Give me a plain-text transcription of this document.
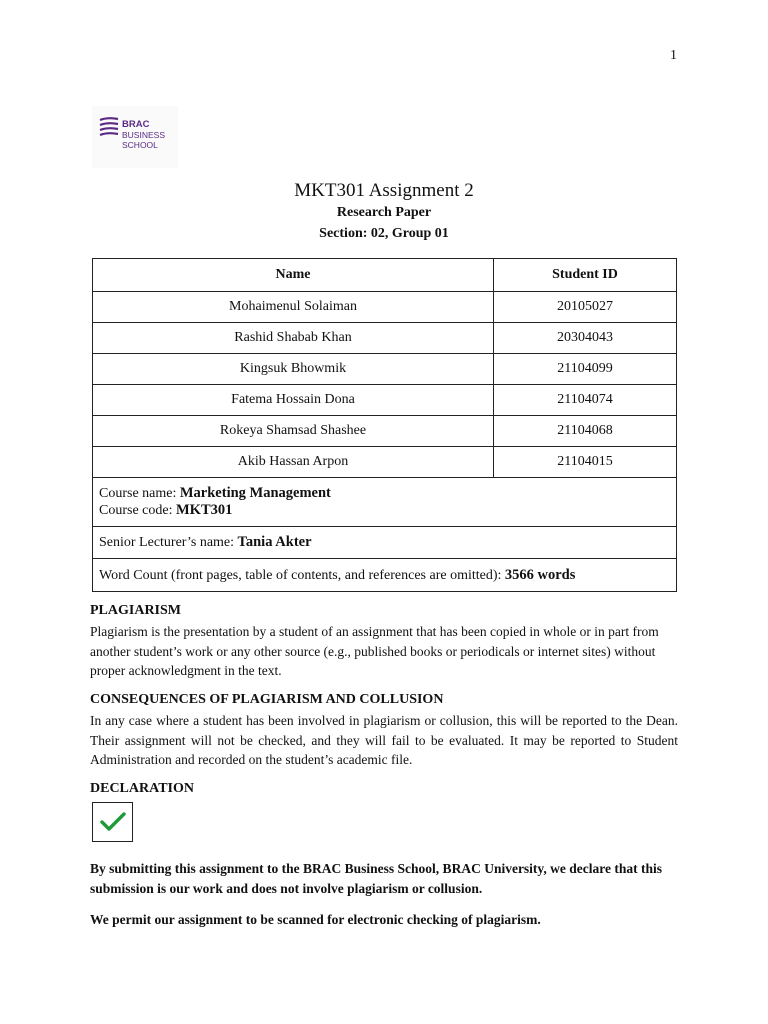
1
BRAC
BUSINESS
SCHOOL
MKT301 Assignment 2
Research Paper
Section: 02, Group 01
Name	Student ID
Mohaimenul Solaiman	20105027
Rashid Shabab Khan	20304043
Kingsuk Bhowmik	21104099
Fatema Hossain Dona	21104074
Rokeya Shamsad Shashee	21104068
Akib Hassan Arpon	21104015
Course name: Marketing Management
Course code: MKT301	
Senior Lecturer’s name: Tania Akter	
Word Count (front pages, table of contents, and references are omitted): 3566 words	
PLAGIARISM
Plagiarism is the presentation by a student of an assignment that has been copied in whole or in part from another student’s work or any other source (e.g., published books or periodicals or internet sites) without proper acknowledgment in the text.
CONSEQUENCES OF PLAGIARISM AND COLLUSION
In any case where a student has been involved in plagiarism or collusion, this will be reported to the Dean. Their assignment will not be checked, and they will fail to be evaluated. It may be reported to Student Administration and recorded on the student’s academic file.
DECLARATION
By submitting this assignment to the BRAC Business School, BRAC University, we declare that this submission is our work and does not involve plagiarism or collusion.
We permit our assignment to be scanned for electronic checking of plagiarism.
